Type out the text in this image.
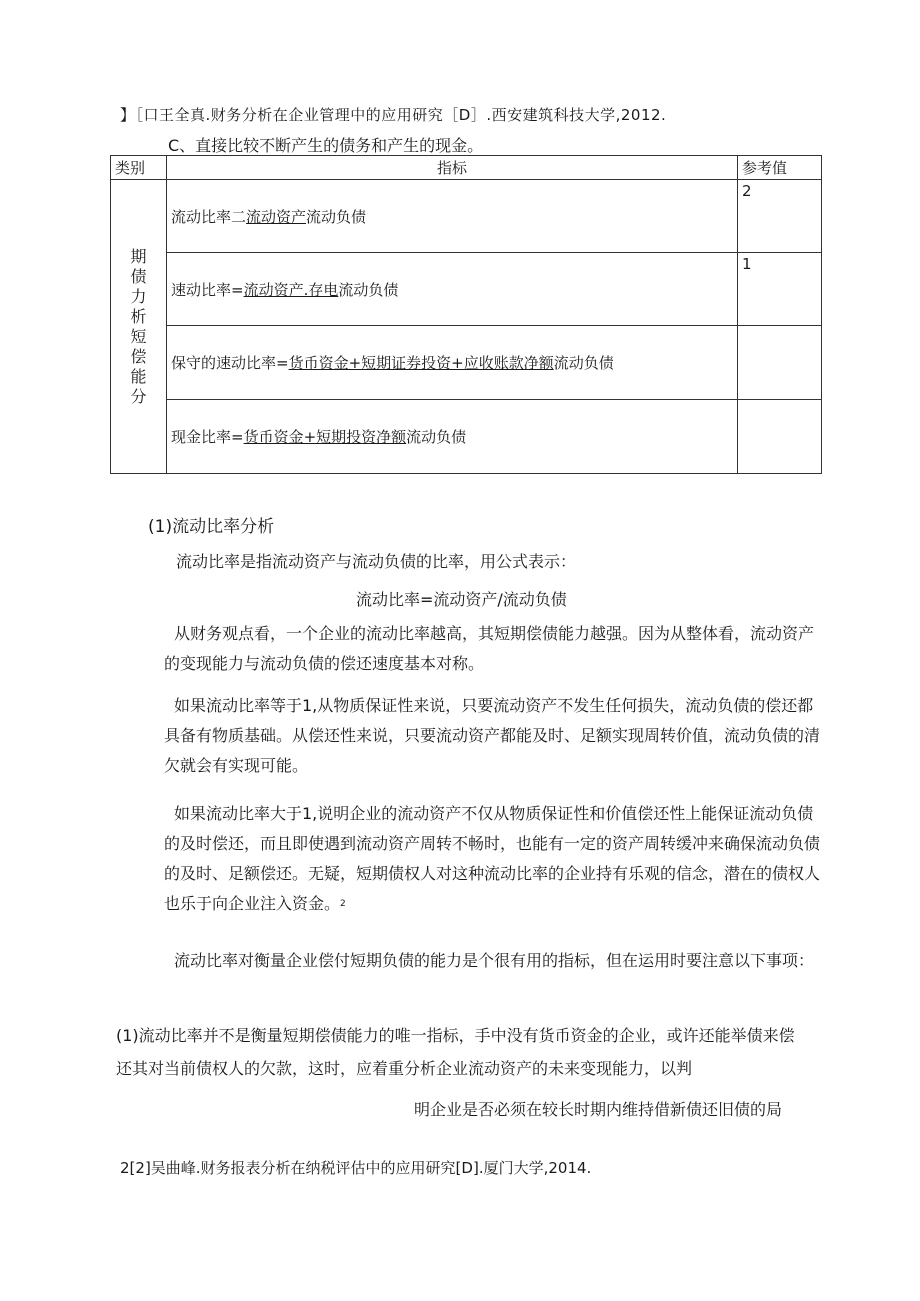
】［口王全真.财务分析在企业管理中的应用研究［D］.西安建筑科技大学,2012.
C、直接比较不断产生的债务和产生的现金。
类别	指标	参考值
期债力析短偿能分	流动比率二流动资产流动负债	2
	速动比率=流动资产.存电流动负债	1
	保守的速动比率=货币资金+短期证券投资+应收账款净额流动负债	
	现金比率=货币资金+短期投资净额流动负债	
(1)流动比率分析
流动比率是指流动资产与流动负债的比率，用公式表示：
流动比率=流动资产/流动负债
从财务观点看，一个企业的流动比率越高，其短期偿债能力越强。因为从整体看，流动资产的变现能力与流动负债的偿还速度基本对称。
如果流动比率等于1,从物质保证性来说，只要流动资产不发生任何损失，流动负债的偿还都具备有物质基础。从偿还性来说，只要流动资产都能及时、足额实现周转价值，流动负债的清欠就会有实现可能。
如果流动比率大于1,说明企业的流动资产不仅从物质保证性和价值偿还性上能保证流动负债的及时偿还，而且即使遇到流动资产周转不畅时，也能有一定的资产周转缓冲来确保流动负债的及时、足额偿还。无疑，短期债权人对这种流动比率的企业持有乐观的信念，潜在的债权人也乐于向企业注入资金。$^2$
流动比率对衡量企业偿付短期负债的能力是个很有用的指标，但在运用时要注意以下事项：
(1)流动比率并不是衡量短期偿债能力的唯一指标，手中没有货币资金的企业，或许还能举债来偿还其对当前债权人的欠款，这时，应着重分析企业流动资产的未来变现能力，以判
明企业是否必须在较长时期内维持借新债还旧债的局
2[2]吴曲峰.财务报表分析在纳税评估中的应用研究[D].厦门大学,2014.
